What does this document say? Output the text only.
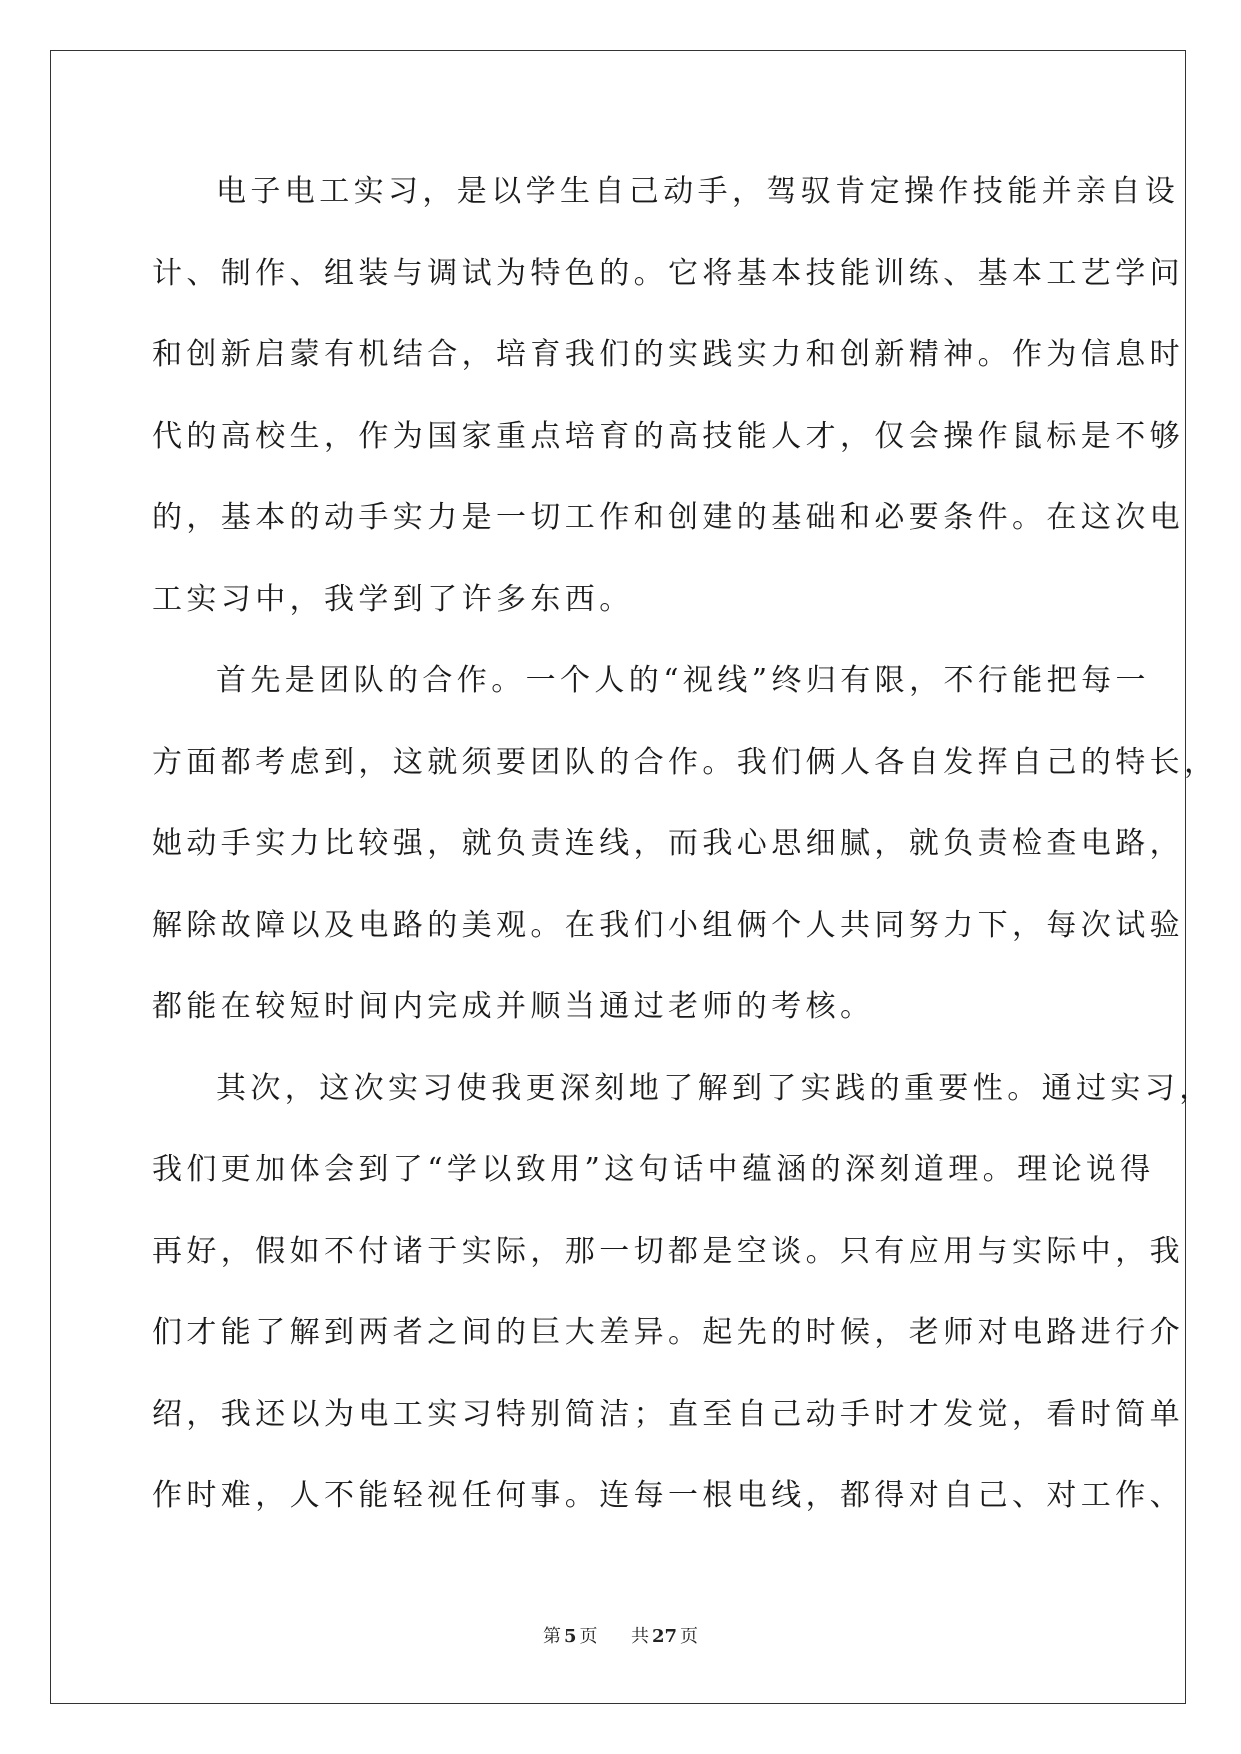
电子电工实习，是以学生自己动手，驾驭肯定操作技能并亲自设
计、制作、组装与调试为特色的。它将基本技能训练、基本工艺学问
和创新启蒙有机结合，培育我们的实践实力和创新精神。作为信息时
代的高校生，作为国家重点培育的高技能人才，仅会操作鼠标是不够
的，基本的动手实力是一切工作和创建的基础和必要条件。在这次电
工实习中，我学到了许多东西。
首先是团队的合作。一个人的“视线”终归有限，不行能把每一
方面都考虑到，这就须要团队的合作。我们俩人各自发挥自己的特长，
她动手实力比较强，就负责连线，而我心思细腻，就负责检查电路，
解除故障以及电路的美观。在我们小组俩个人共同努力下，每次试验
都能在较短时间内完成并顺当通过老师的考核。
其次，这次实习使我更深刻地了解到了实践的重要性。通过实习，
我们更加体会到了“学以致用”这句话中蕴涵的深刻道理。理论说得
再好，假如不付诸于实际，那一切都是空谈。只有应用与实际中，我
们才能了解到两者之间的巨大差异。起先的时候，老师对电路进行介
绍，我还以为电工实习特别简洁；直至自己动手时才发觉，看时简单
作时难，人不能轻视任何事。连每一根电线，都得对自己、对工作、
第 5 页 共 27 页
